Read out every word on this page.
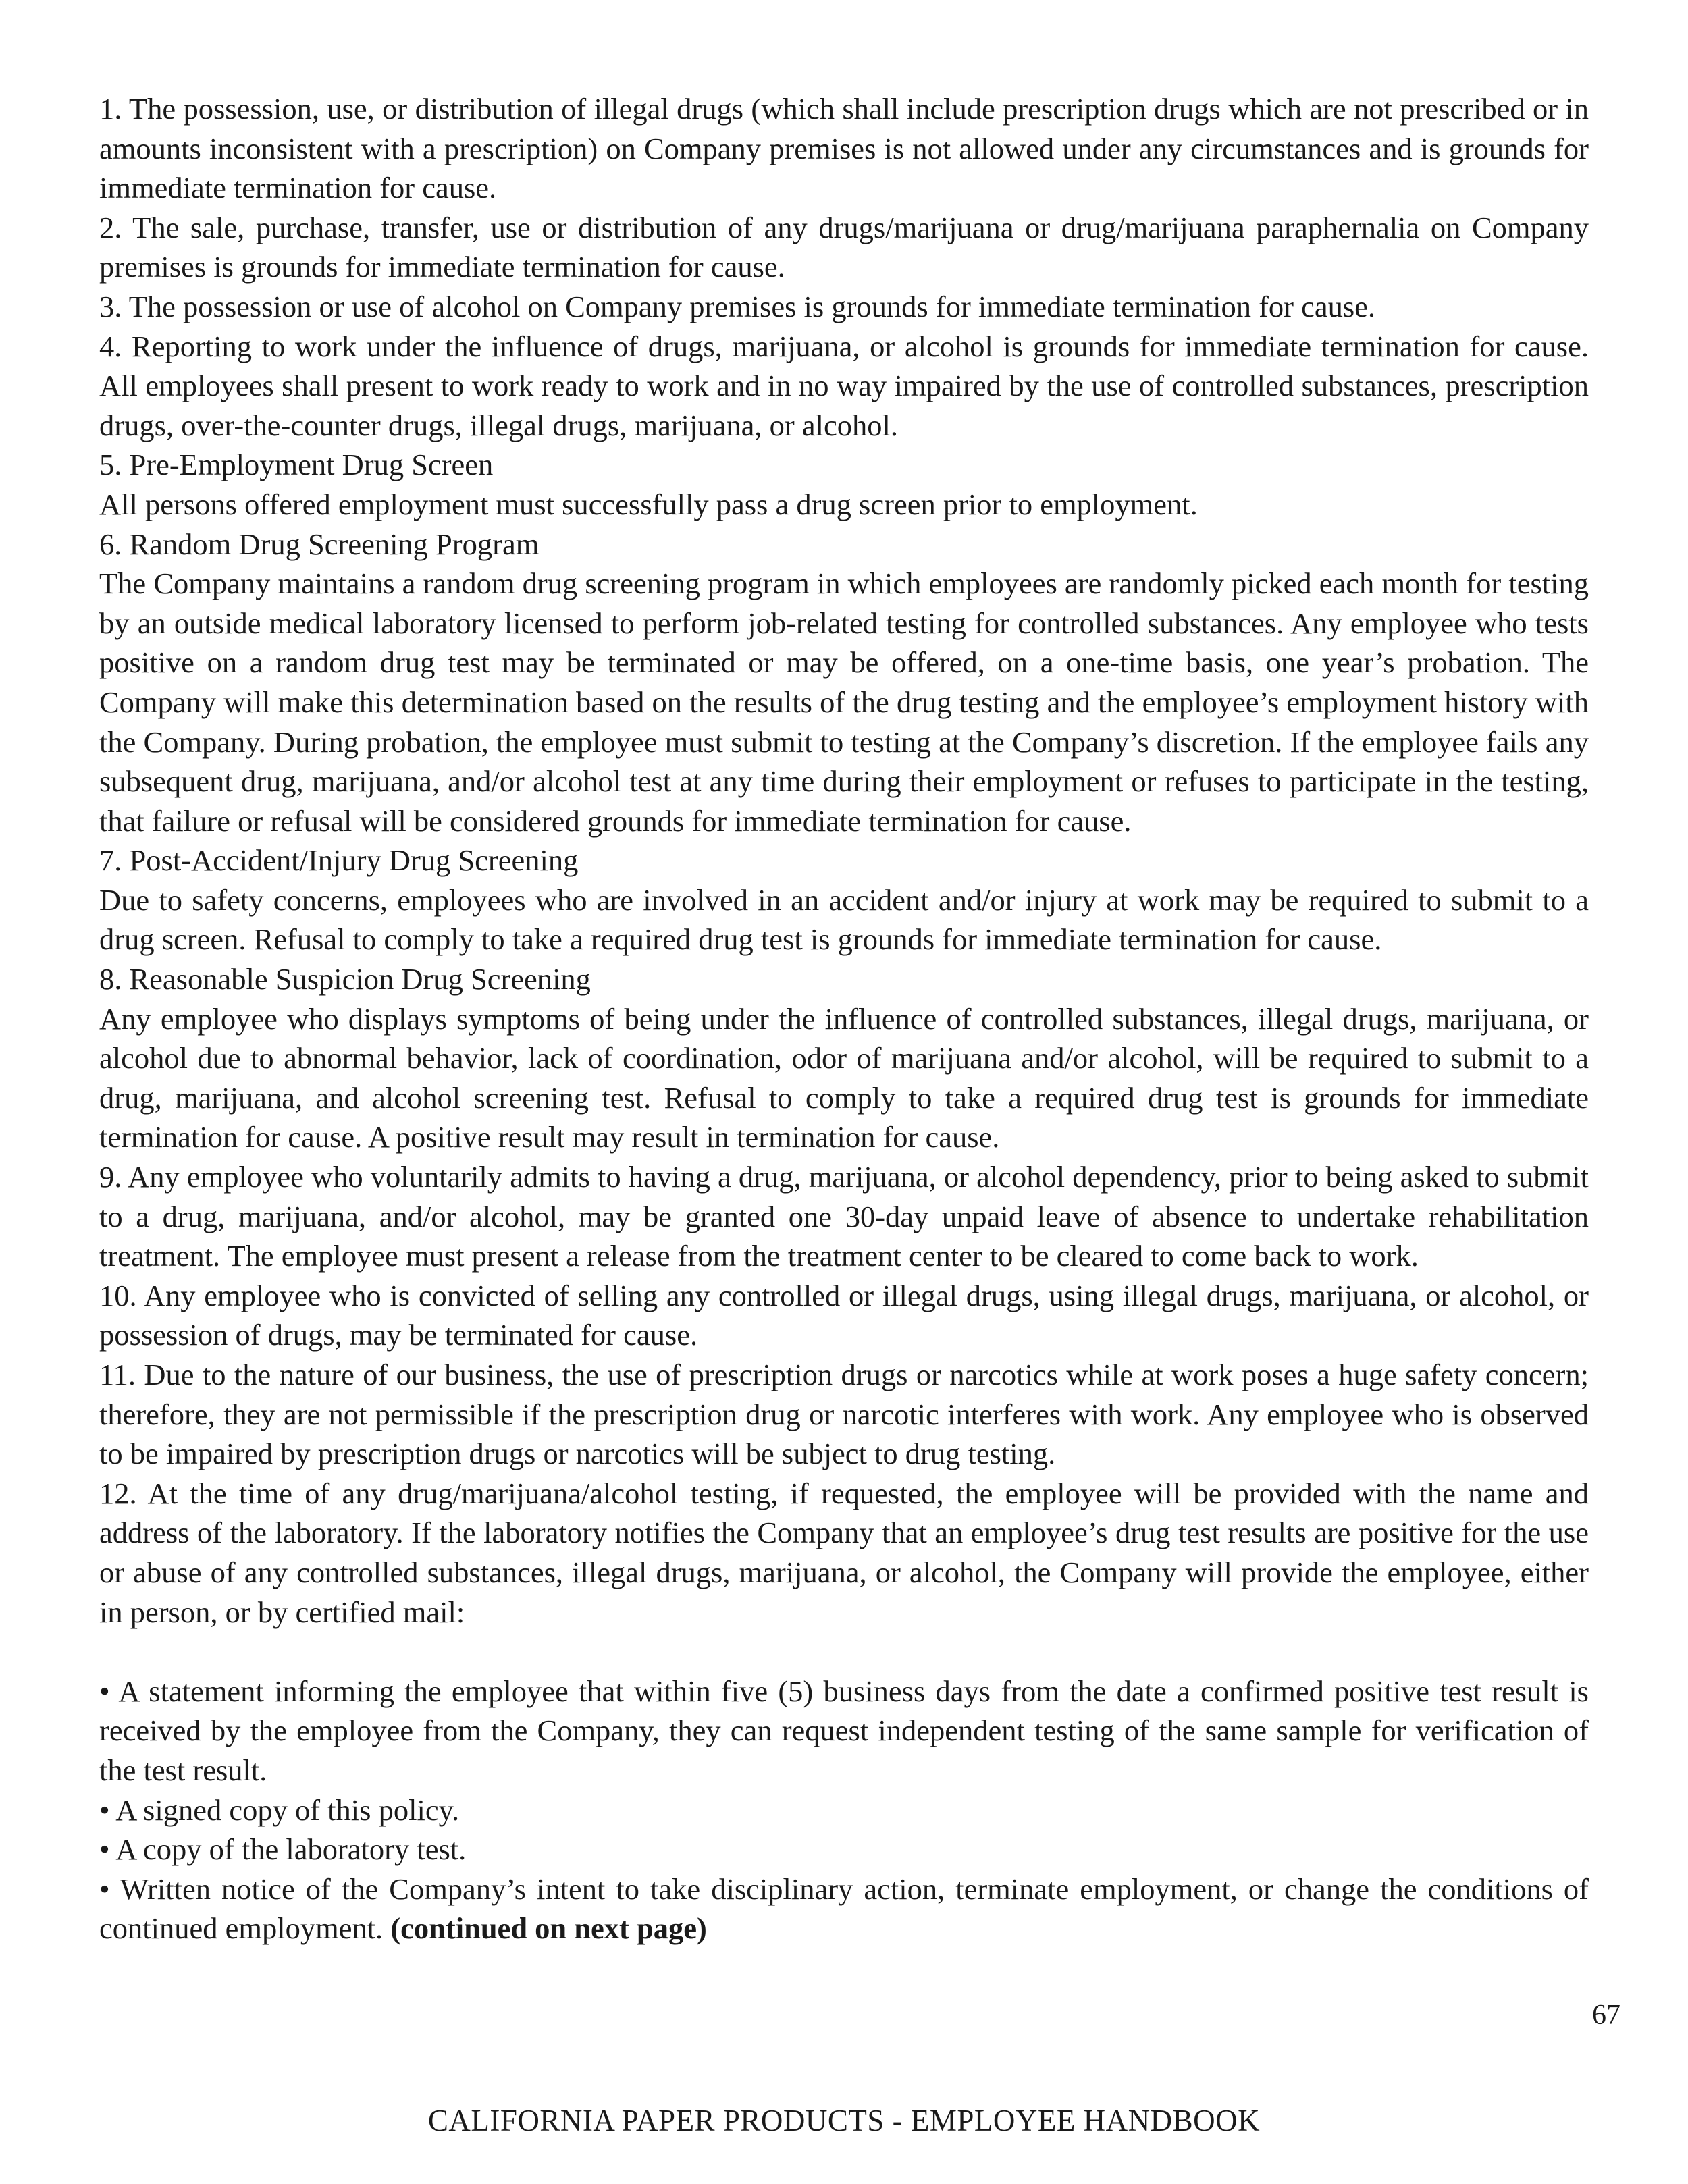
1. The possession, use, or distribution of illegal drugs (which shall include prescription drugs which are not prescribed or in amounts inconsistent with a prescription) on Company premises is not allowed under any circumstances and is grounds for immediate termination for cause.

2. The sale, purchase, transfer, use or distribution of any drugs/marijuana or drug/marijuana paraphernalia on Company premises is grounds for immediate termination for cause.

3. The possession or use of alcohol on Company premises is grounds for immediate termination for cause.

4. Reporting to work under the influence of drugs, marijuana, or alcohol is grounds for immediate termination for cause. All employees shall present to work ready to work and in no way impaired by the use of controlled substances, prescription drugs, over-the-counter drugs, illegal drugs, marijuana, or alcohol.

5. Pre-Employment Drug Screen

All persons offered employment must successfully pass a drug screen prior to employment.

6. Random Drug Screening Program

The Company maintains a random drug screening program in which employees are randomly picked each month for testing by an outside medical laboratory licensed to perform job-related testing for controlled substances. Any employee who tests positive on a random drug test may be terminated or may be offered, on a one-time basis, one year’s probation. The Company will make this determination based on the results of the drug testing and the employee’s employment history with the Company. During probation, the employee must submit to testing at the Company’s discretion. If the employee fails any subsequent drug, marijuana, and/or alcohol test at any time during their employment or refuses to participate in the testing, that failure or refusal will be considered grounds for immediate termination for cause.

7. Post-Accident/Injury Drug Screening

Due to safety concerns, employees who are involved in an accident and/or injury at work may be required to submit to a drug screen. Refusal to comply to take a required drug test is grounds for immediate termination for cause.

8. Reasonable Suspicion Drug Screening

Any employee who displays symptoms of being under the influence of controlled substances, illegal drugs, marijuana, or alcohol due to abnormal behavior, lack of coordination, odor of marijuana and/or alcohol, will be required to submit to a drug, marijuana, and alcohol screening test. Refusal to comply to take a required drug test is grounds for immediate termination for cause. A positive result may result in termination for cause.

9. Any employee who voluntarily admits to having a drug, marijuana, or alcohol dependency, prior to being asked to submit to a drug, marijuana, and/or alcohol, may be granted one 30-day unpaid leave of absence to undertake rehabilitation treatment. The employee must present a release from the treatment center to be cleared to come back to work.

10. Any employee who is convicted of selling any controlled or illegal drugs, using illegal drugs, marijuana, or alcohol, or possession of drugs, may be terminated for cause.

11. Due to the nature of our business, the use of prescription drugs or narcotics while at work poses a huge safety concern; therefore, they are not permissible if the prescription drug or narcotic interferes with work. Any employee who is observed to be impaired by prescription drugs or narcotics will be subject to drug testing.

12. At the time of any drug/marijuana/alcohol testing, if requested, the employee will be provided with the name and address of the laboratory. If the laboratory notifies the Company that an employee’s drug test results are positive for the use or abuse of any controlled substances, illegal drugs, marijuana, or alcohol, the Company will provide the employee, either in person, or by certified mail:

• A statement informing the employee that within five (5) business days from the date a confirmed positive test result is received by the employee from the Company, they can request independent testing of the same sample for verification of the test result.

• A signed copy of this policy.

• A copy of the laboratory test.

• Written notice of the Company’s intent to take disciplinary action, terminate employment, or change the conditions of continued employment. (continued on next page)

67
CALIFORNIA PAPER PRODUCTS - EMPLOYEE HANDBOOK
